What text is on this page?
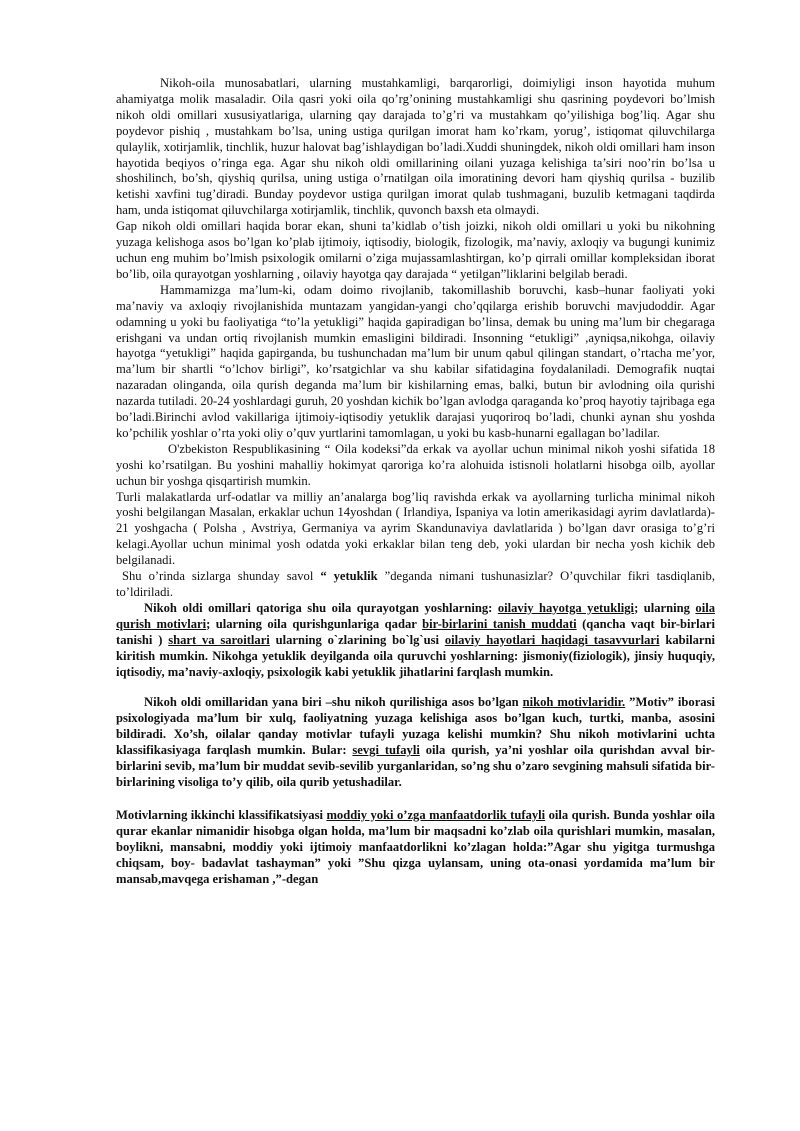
Nikoh-oila munosabatlari, ularning mustahkamligi, barqarorligi, doimiyligi inson hayotida muhum ahamiyatga molik masaladir. Oila qasri yoki oila qo’rg’onining mustahkamligi shu qasrining poydevori bo’lmish nikoh oldi omillari xususiyatlariga, ularning qay darajada to’g’ri va mustahkam qo’yilishiga bog’liq. Agar shu poydevor pishiq , mustahkam bo’lsa, uning ustiga qurilgan imorat ham ko’rkam, yorug’, istiqomat qiluvchilarga qulaylik, xotirjamlik, tinchlik, huzur halovat bag’ishlaydigan bo’ladi.Xuddi shuningdek, nikoh oldi omillari ham inson hayotida beqiyos o’ringa ega. Agar shu nikoh oldi omillarining oilani yuzaga kelishiga ta’siri noo’rin bo’lsa u shoshilinch, bo’sh, qiyshiq qurilsa, uning ustiga o’rnatilgan oila imoratining devori ham qiyshiq qurilsa - buzilib ketishi xavfini tug’diradi. Bunday poydevor ustiga qurilgan imorat qulab tushmagani, buzulib ketmagani taqdirda ham, unda istiqomat qiluvchilarga xotirjamlik, tinchlik, quvonch baxsh eta olmaydi.

Gap nikoh oldi omillari haqida borar ekan, shuni ta’kidlab o’tish joizki, nikoh oldi omillari u yoki bu nikohning yuzaga kelishoga asos bo’lgan ko’plab ijtimoiy, iqtisodiy, biologik, fizologik, ma’naviy, axloqiy va bugungi kunimiz uchun eng muhim bo’lmish psixologik omilarni o’ziga mujassamlashtirgan, ko’p qirrali omillar kompleksidan iborat bo’lib, oila qurayotgan yoshlarning , oilaviy hayotga qay darajada “ yetilgan”liklarini belgilab beradi.

Hammamizga ma’lum-ki, odam doimo rivojlanib, takomillashib boruvchi, kasb–hunar faoliyati yoki ma’naviy va axloqiy rivojlanishida muntazam yangidan-yangi cho’qqilarga erishib boruvchi mavjudoddir. Agar odamning u yoki bu faoliyatiga “to’la yetukligi” haqida gapiradigan bo’linsa, demak bu uning ma’lum bir chegaraga erishgani va undan ortiq rivojlanish mumkin emasligini bildiradi. Insonning “etukligi” ,ayniqsa,nikohga, oilaviy hayotga “yetukligi” haqida gapirganda, bu tushunchadan ma’lum bir unum qabul qilingan standart, o’rtacha me’yor, ma’lum bir shartli “o’lchov birligi”, ko’rsatgichlar va shu kabilar sifatidagina foydalaniladi. Demografik nuqtai nazaradan olinganda, oila qurish deganda ma’lum bir kishilarning emas, balki, butun bir avlodning oila qurishi nazarda tutiladi. 20-24 yoshlardagi guruh, 20 yoshdan kichik bo’lgan avlodga qaraganda ko’proq hayotiy tajribaga ega bo’ladi.Birinchi avlod vakillariga ijtimoiy-iqtisodiy yetuklik darajasi yuqoriroq bo’ladi, chunki aynan shu yoshda ko’pchilik yoshlar o’rta yoki oliy o’quv yurtlarini tamomlagan, u yoki bu kasb-hunarni egallagan bo’ladilar.

O'zbekiston Respublikasining “ Oila kodeksi”da erkak va ayollar uchun minimal nikoh yoshi sifatida 18 yoshi ko’rsatilgan. Bu yoshini mahalliy hokimyat qaroriga ko’ra alohuida istisnoli holatlarni hisobga oilb, ayollar uchun bir yoshga qisqartirish mumkin.

Turli malakatlarda urf-odatlar va milliy an’analarga bog’liq ravishda erkak va ayollarning turlicha minimal nikoh yoshi belgilangan Masalan, erkaklar uchun 14yoshdan ( Irlandiya, Ispaniya va lotin amerikasidagi ayrim davlatlarda)- 21 yoshgacha ( Polsha , Avstriya, Germaniya va ayrim Skandunaviya davlatlarida ) bo’lgan davr orasiga to’g’ri kelagi.Ayollar uchun minimal yosh odatda yoki erkaklar bilan teng deb, yoki ulardan bir necha yosh kichik deb belgilanadi.

Shu o’rinda sizlarga shunday savol “ yetuklik ”deganda nimani tushunasizlar? O’quvchilar fikri tasdiqlanib, to’ldiriladi.

Nikoh oldi omillari qatoriga shu oila qurayotgan yoshlarning: oilaviy hayotga yetukligi; ularning oila qurish motivlari; ularning oila qurishgunlariga qadar bir-birlarini tanish muddati (qancha vaqt bir-birlari tanishi ) shart va saroitlari ularning o`zlarining bo`lg`usi oilaviy hayotlari haqidagi tasavvurlari kabilarni kiritish mumkin. Nikohga yetuklik deyilganda oila quruvchi yoshlarning: jismoniy(fiziologik), jinsiy huquqiy, iqtisodiy, ma’naviy-axloqiy, psixologik kabi yetuklik jihatlarini farqlash mumkin.

Nikoh oldi omillaridan yana biri –shu nikoh qurilishiga asos bo’lgan nikoh motivlaridir. ”Motiv” iborasi psixologiyada ma’lum bir xulq, faoliyatning yuzaga kelishiga asos bo’lgan kuch, turtki, manba, asosini bildiradi. Xo’sh, oilalar qanday motivlar tufayli yuzaga kelishi mumkin? Shu nikoh motivlarini uchta klassifikasiyaga farqlash mumkin. Bular: sevgi tufayli oila qurish, ya’ni yoshlar oila qurishdan avval bir-birlarini sevib, ma’lum bir muddat sevib-sevilib yurganlaridan, so’ng shu o’zaro sevgining mahsuli sifatida bir-birlarining visoliga to’y qilib, oila qurib yetushadilar.

Motivlarning ikkinchi klassifikatsiyasi moddiy yoki o’zga manfaatdorlik tufayli oila qurish. Bunda yoshlar oila qurar ekanlar nimanidir hisobga olgan holda, ma’lum bir maqsadni ko’zlab oila qurishlari mumkin, masalan, boylikni, mansabni, moddiy yoki ijtimoiy manfaatdorlikni ko’zlagan holda:”Agar shu yigitga turmushga chiqsam, boy- badavlat tashayman” yoki ”Shu qizga uylansam, uning ota-onasi yordamida ma’lum bir mansab,mavqega erishaman ,”-degan
